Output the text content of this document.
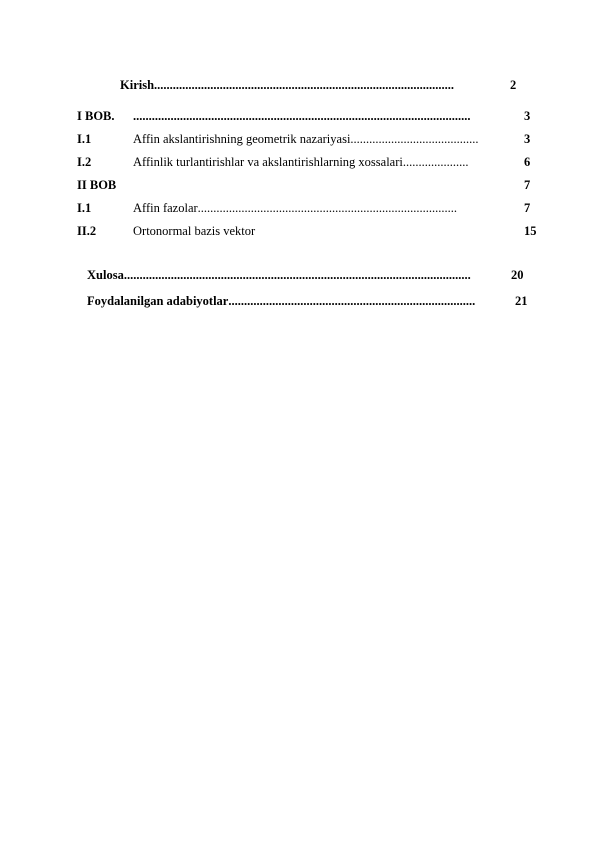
Kirish................................................................................................	2
I BOB. ............................................................................................................	3
I.1	Affin akslantirishning geometrik nazariyasi.........................................	3
I.2	Affinlik turlantirishlar va akslantirishlarning xossalari.....................	6
II BOB	7
I.1	Affin fazolar...................................................................................	7
II.2	Ortonormal bazis vektor	15
Xulosa...............................................................................................................	20
Foydalanilgan adabiyotlar...............................................................................	21
